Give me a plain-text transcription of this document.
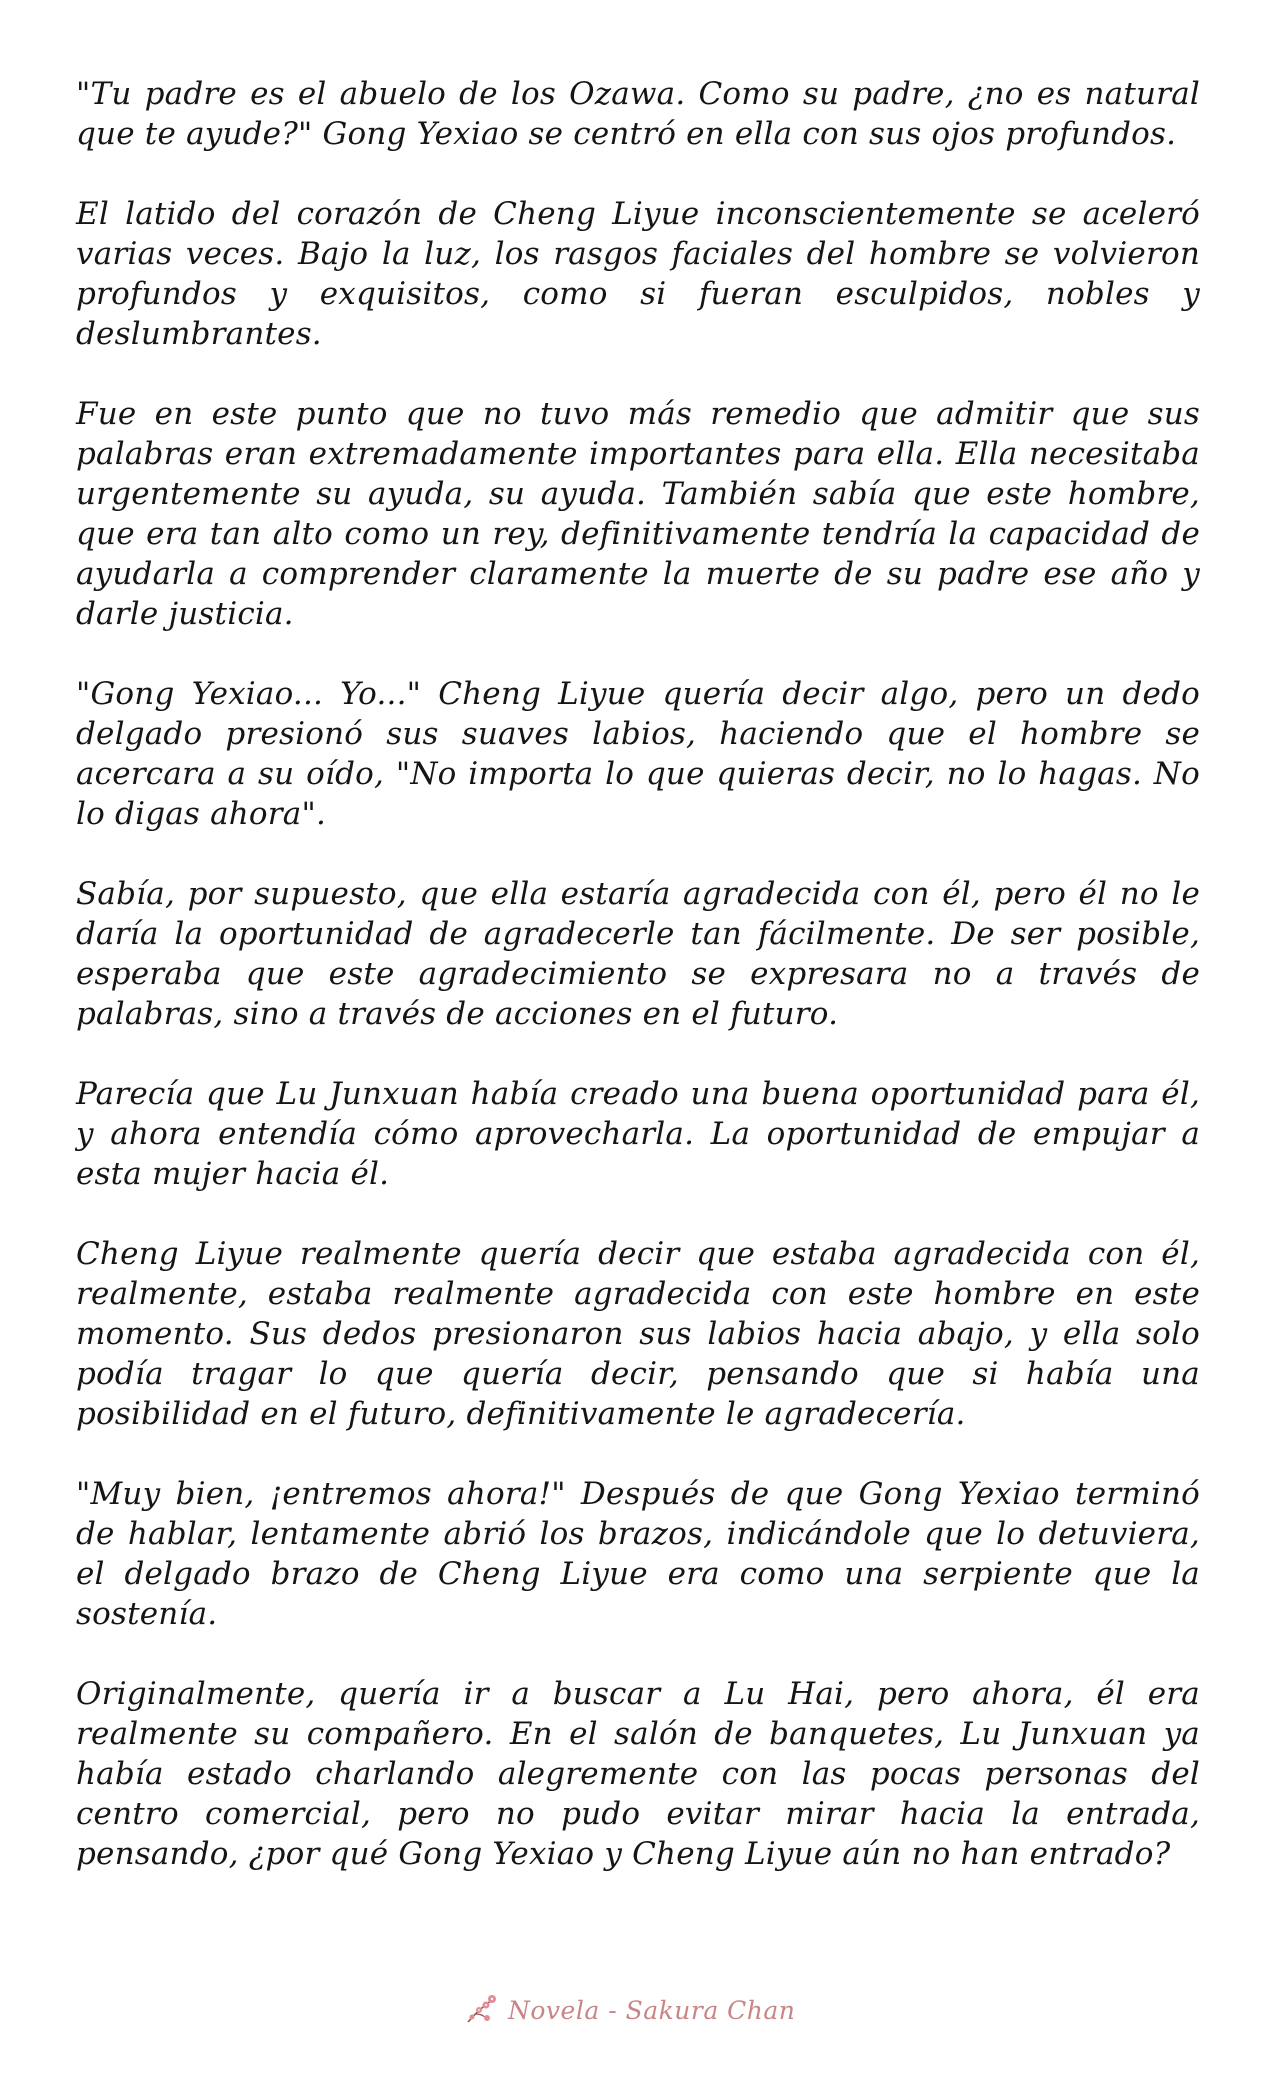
"Tu padre es el abuelo de los Ozawa. Como su padre, ¿no es natural que te ayude?" Gong Yexiao se centró en ella con sus ojos profundos.

El latido del corazón de Cheng Liyue inconscientemente se aceleró varias veces. Bajo la luz, los rasgos faciales del hombre se volvieron profundos y exquisitos, como si fueran esculpidos, nobles y deslumbrantes.

Fue en este punto que no tuvo más remedio que admitir que sus palabras eran extremadamente importantes para ella. Ella necesitaba urgentemente su ayuda, su ayuda. También sabía que este hombre, que era tan alto como un rey, definitivamente tendría la capacidad de ayudarla a comprender claramente la muerte de su padre ese año y darle justicia.

"Gong Yexiao... Yo..." Cheng Liyue quería decir algo, pero un dedo delgado presionó sus suaves labios, haciendo que el hombre se acercara a su oído, "No importa lo que quieras decir, no lo hagas. No lo digas ahora".

Sabía, por supuesto, que ella estaría agradecida con él, pero él no le daría la oportunidad de agradecerle tan fácilmente. De ser posible, esperaba que este agradecimiento se expresara no a través de palabras, sino a través de acciones en el futuro.

Parecía que Lu Junxuan había creado una buena oportunidad para él, y ahora entendía cómo aprovecharla. La oportunidad de empujar a esta mujer hacia él.

Cheng Liyue realmente quería decir que estaba agradecida con él, realmente, estaba realmente agradecida con este hombre en este momento. Sus dedos presionaron sus labios hacia abajo, y ella solo podía tragar lo que quería decir, pensando que si había una posibilidad en el futuro, definitivamente le agradecería.

"Muy bien, ¡entremos ahora!" Después de que Gong Yexiao terminó de hablar, lentamente abrió los brazos, indicándole que lo detuviera, el delgado brazo de Cheng Liyue era como una serpiente que la sostenía.

Originalmente, quería ir a buscar a Lu Hai, pero ahora, él era realmente su compañero. En el salón de banquetes, Lu Junxuan ya había estado charlando alegremente con las pocas personas del centro comercial, pero no pudo evitar mirar hacia la entrada, pensando, ¿por qué Gong Yexiao y Cheng Liyue aún no han entrado?

Novela - Sakura Chan
